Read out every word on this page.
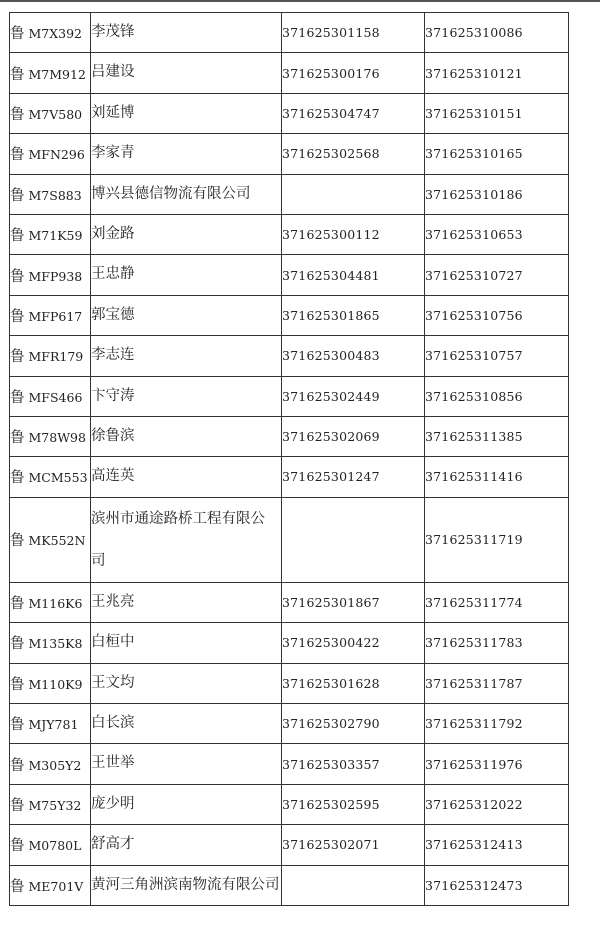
鲁 M7X392	李茂锋	371625301158	371625310086
鲁 M7M912	吕建设	371625300176	371625310121
鲁 M7V580	刘延博	371625304747	371625310151
鲁 MFN296	李家青	371625302568	371625310165
鲁 M7S883	博兴县德信物流有限公司		371625310186
鲁 M71K59	刘金路	371625300112	371625310653
鲁 MFP938	王忠静	371625304481	371625310727
鲁 MFP617	郭宝德	371625301865	371625310756
鲁 MFR179	李志连	371625300483	371625310757
鲁 MFS466	卞守涛	371625302449	371625310856
鲁 M78W98	徐鲁滨	371625302069	371625311385
鲁 MCM553	高连英	371625301247	371625311416
鲁 MK552N	滨州市通途路桥工程有限公司		371625311719
鲁 M116K6	王兆亮	371625301867	371625311774
鲁 M135K8	白桓中	371625300422	371625311783
鲁 M110K9	王文均	371625301628	371625311787
鲁 MJY781	白长滨	371625302790	371625311792
鲁 M305Y2	王世举	371625303357	371625311976
鲁 M75Y32	庞少明	371625302595	371625312022
鲁 M0780L	舒高才	371625302071	371625312413
鲁 ME701V	黄河三角洲滨南物流有限公司		371625312473
